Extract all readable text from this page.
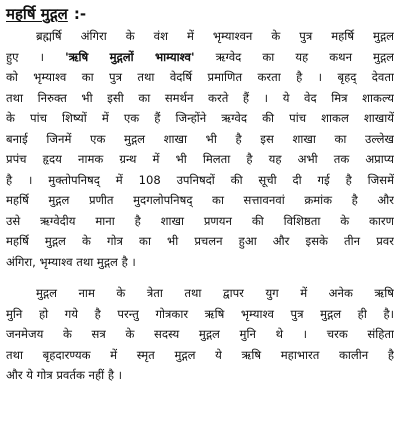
महर्षि मुद्गल :-
ब्रह्मर्षि अंगिरा के वंश में भृम्याश्वन के पुत्र महर्षि मुद्गल
हुए । 'ऋषि मुद्गलों भाम्याश्व' ऋग्वेद का यह कथन मुद्गल
को भृम्याश्व का पुत्र तथा वेदर्षि प्रमाणित करता है । बृहद् देवता
तथा निरुक्त भी इसी का समर्थन करते हैं । ये वेद मित्र शाकल्य
के पांच शिष्यों में एक हैं जिन्होंने ऋग्वेद की पांच शाकल शाखायें
बनाई जिनमें एक मुद्गल शाखा भी है इस शाखा का उल्लेख
प्रपंच हृदय नामक ग्रन्थ में भी मिलता है यह अभी तक अप्राप्य
है । मुक्तोपनिषद् में 108 उपनिषदों की सूची दी गई है जिसमें
महर्षि मुद्गल प्रणीत मुदगलोपनिषद् का सत्तावनवां क्रमांक है और
उसे ऋग्वेदीय माना है शाखा प्रणयन की विशिष्ठता के कारण
महर्षि मुद्गल के गोत्र का भी प्रचलन हुआ और इसके तीन प्रवर
अंगिरा, भृम्याश्व तथा मुद्गल है ।
मुद्गल नाम के त्रेता तथा द्वापर युग में अनेक ऋषि
मुनि हो गये है परन्तु गोत्रकार ऋषि भृम्याश्व पुत्र मुद्गल ही है।
जनमेजय के सत्र के सदस्य मुद्गल मुनि थे । चरक संहिता
तथा बृहदारण्यक में स्मृत मुद्गल ये ऋषि महाभारत कालीन है
और ये गोत्र प्रवर्तक नहीं है ।
